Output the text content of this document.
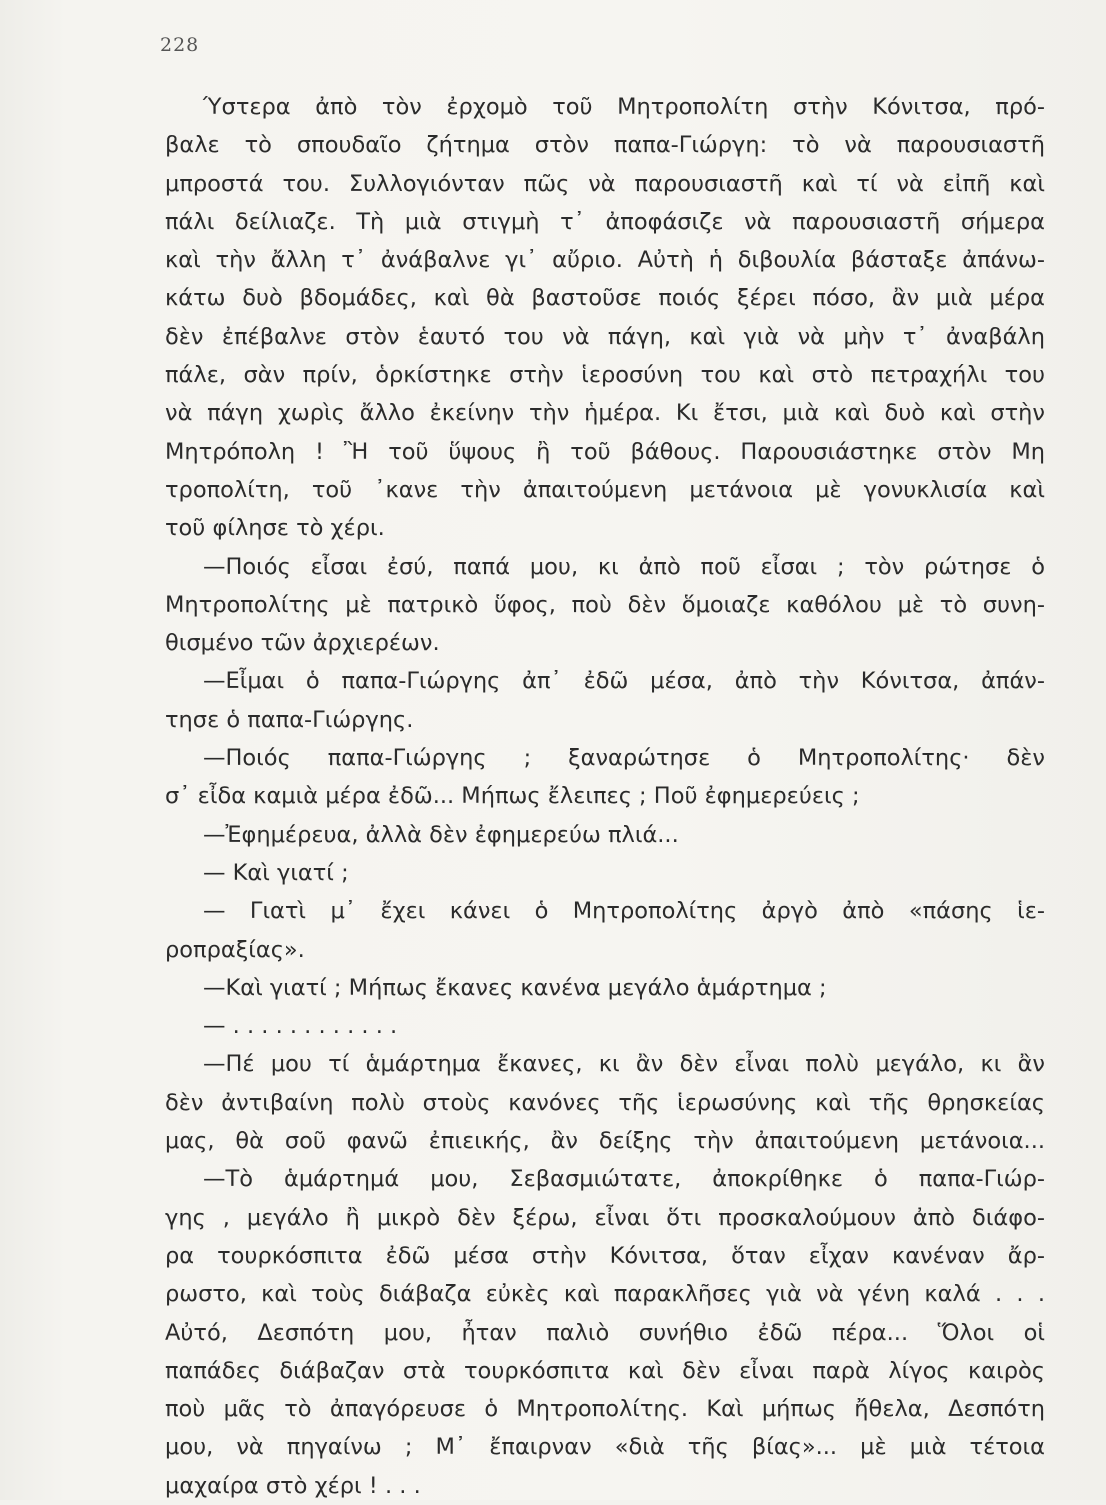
228
Ύστερα ἀπὸ τὸν ἐρχομὸ τοῦ Μητροπολίτη στὴν Κόνιτσα, πρό-
βαλε τὸ σπουδαῖο ζήτημα στὸν παπα-Γιώργη: τὸ νὰ παρουσιαστῆ
μπροστά του. Συλλογιόνταν πῶς νὰ παρουσιαστῆ καὶ τί νὰ εἰπῆ καὶ
πάλι δείλιαζε. Τὴ μιὰ στιγμὴ τ᾽ ἀποφάσιζε νὰ παρουσιαστῆ σήμερα
καὶ τὴν ἄλλη τ᾽ ἀνάβαλνε γι᾽ αὔριο. Αὐτὴ ἡ διβουλία βάσταξε ἀπάνω-
κάτω δυὸ βδομάδες, καὶ θὰ βαστοῦσε ποιός ξέρει πόσο, ἂν μιὰ μέρα
δὲν ἐπέβαλνε στὸν ἑαυτό του νὰ πάγη, καὶ γιὰ νὰ μὴν τ᾽ ἀναβάλη
πάλε, σὰν πρίν, ὁρκίστηκε στὴν ἱεροσύνη του καὶ στὸ πετραχήλι του
νὰ πάγη χωρὶς ἄλλο ἐκείνην τὴν ἡμέρα. Κι ἔτσι, μιὰ καὶ δυὸ καὶ στὴν
Μητρόπολη ! Ἢ τοῦ ὕψους ἢ τοῦ βάθους. Παρουσιάστηκε στὸν Μη
τροπολίτη, τοῦ ᾽κανε τὴν ἀπαιτούμενη μετάνοια μὲ γονυκλισία καὶ
τοῦ φίλησε τὸ χέρι.
—Ποιός εἶσαι ἐσύ, παπά μου, κι ἀπὸ ποῦ εἶσαι ; τὸν ρώτησε ὁ
Μητροπολίτης μὲ πατρικὸ ὕφος, ποὺ δὲν ὅμοιαζε καθόλου μὲ τὸ συνη-
θισμένο τῶν ἀρχιερέων.
—Εἶμαι ὁ παπα-Γιώργης ἀπ᾽ ἐδῶ μέσα, ἀπὸ τὴν Κόνιτσα, ἀπάν-
τησε ὁ παπα-Γιώργης.
—Ποιός παπα-Γιώργης ; ξαναρώτησε ὁ Μητροπολίτης· δὲν
σ᾽ εἶδα καμιὰ μέρα ἐδῶ... Μήπως ἔλειπες ; Ποῦ ἐφημερεύεις ;
—Ἐφημέρευα, ἀλλὰ δὲν ἐφημερεύω πλιά...
— Καὶ γιατί ;
— Γιατὶ μ᾽ ἔχει κάνει ὁ Μητροπολίτης ἀργὸ ἀπὸ «πάσης ἱε-
ροπραξίας».
—Καὶ γιατί ; Μήπως ἔκανες κανένα μεγάλο ἁμάρτημα ;
— . . . . . . . . . . . .
—Πέ μου τί ἁμάρτημα ἔκανες, κι ἂν δὲν εἶναι πολὺ μεγάλο, κι ἂν
δὲν ἀντιβαίνη πολὺ στοὺς κανόνες τῆς ἱερωσύνης καὶ τῆς θρησκείας
μας, θὰ σοῦ φανῶ ἐπιεικής, ἂν δείξης τὴν ἀπαιτούμενη μετάνοια...
—Τὸ ἁμάρτημά μου, Σεβασμιώτατε, ἀποκρίθηκε ὁ παπα-Γιώρ-
γης , μεγάλο ἢ μικρὸ δὲν ξέρω, εἶναι ὅτι προσκαλούμουν ἀπὸ διάφο-
ρα τουρκόσπιτα ἐδῶ μέσα στὴν Κόνιτσα, ὅταν εἶχαν κανέναν ἄρ-
ρωστο, καὶ τοὺς διάβαζα εὐκὲς καὶ παρακλῆσες γιὰ νὰ γένη καλά . . .
Αὐτό, Δεσπότη μου, ἦταν παλιὸ συνήθιο ἐδῶ πέρα... Ὅλοι οἱ
παπάδες διάβαζαν στὰ τουρκόσπιτα καὶ δὲν εἶναι παρὰ λίγος καιρὸς
ποὺ μᾶς τὸ ἀπαγόρευσε ὁ Μητροπολίτης. Καὶ μήπως ἤθελα, Δεσπότη
μου, νὰ πηγαίνω ; Μ᾽ ἔπαιρναν «διὰ τῆς βίας»... μὲ μιὰ τέτοια
μαχαίρα στὸ χέρι ! . . .
